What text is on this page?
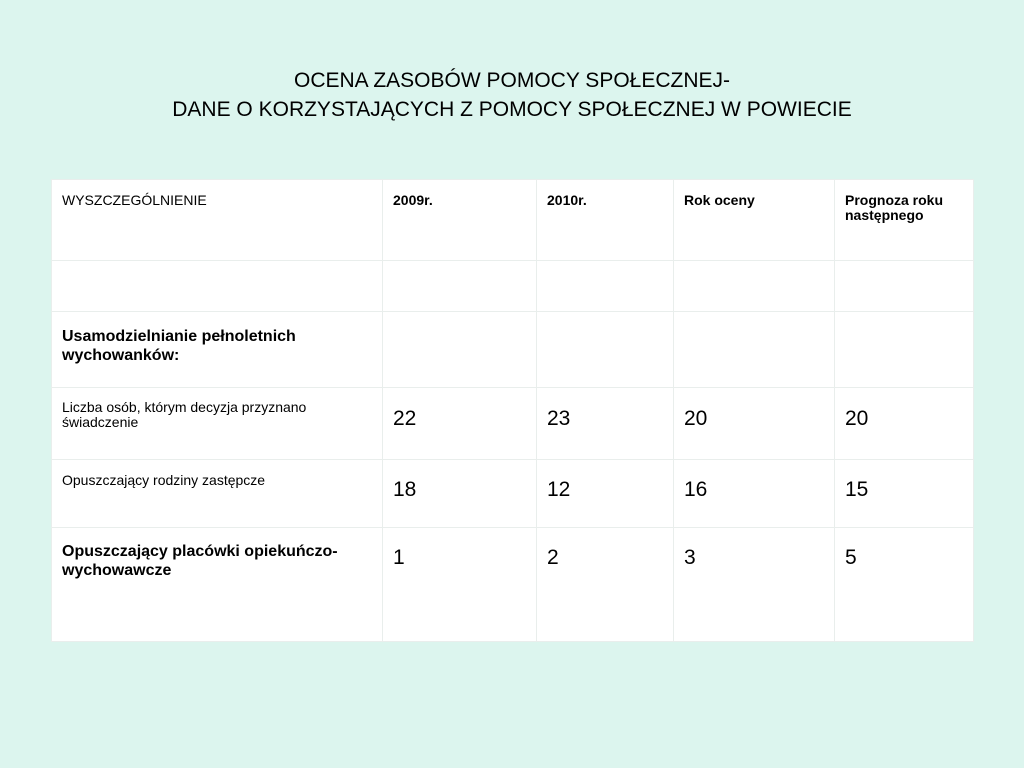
OCENA ZASOBÓW POMOCY SPOŁECZNEJ-
DANE O KORZYSTAJĄCYCH Z POMOCY SPOŁECZNEJ W POWIECIE
WYSZCZEGÓLNIENIE	2009r.	2010r.	Rok oceny	Prognoza roku następnego

Usamodzielnianie pełnoletnich wychowanków:				
Liczba osób, którym decyzja przyznano świadczenie	22	23	20	20
Opuszczający rodziny zastępcze	18	12	16	15
Opuszczający placówki opiekuńczo-wychowawcze	1	2	3	5
